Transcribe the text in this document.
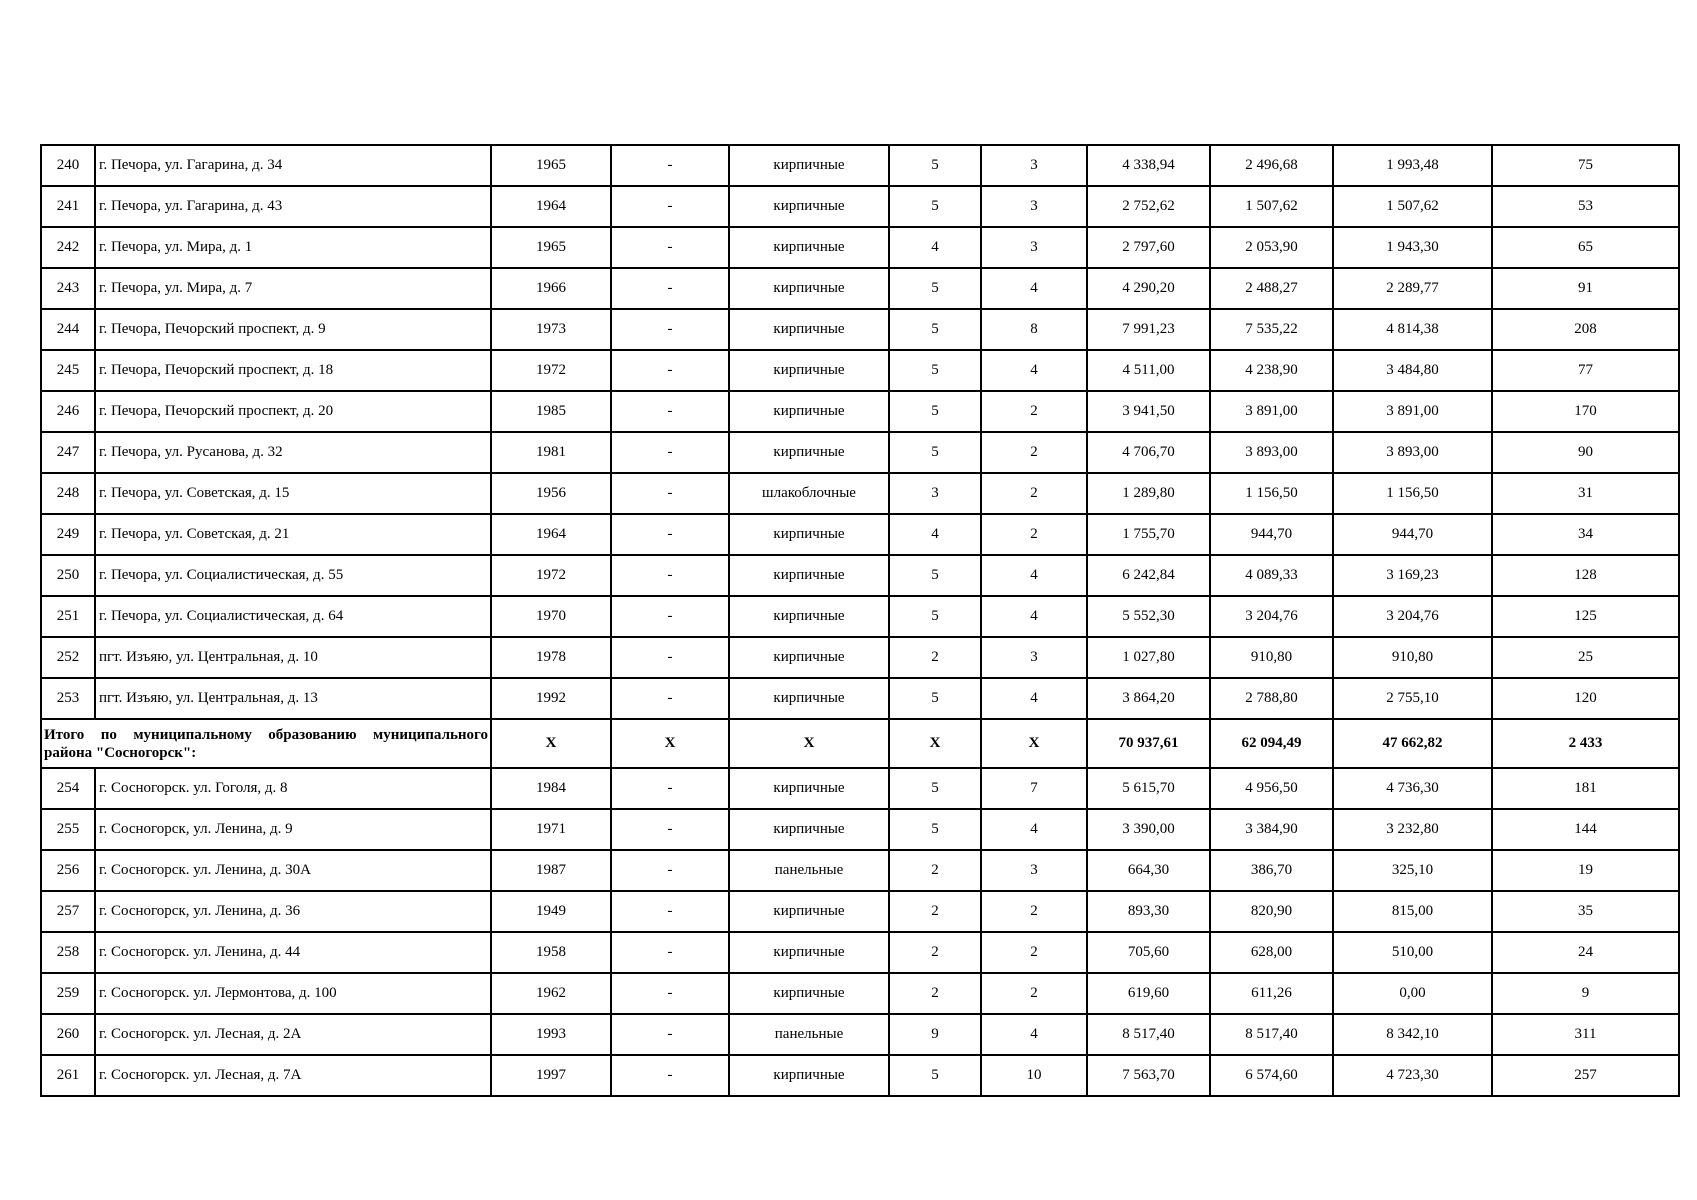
240	г. Печора, ул. Гагарина, д. 34	1965	-	кирпичные	5	3	4 338,94	2 496,68	1 993,48	75
241	г. Печора, ул. Гагарина, д. 43	1964	-	кирпичные	5	3	2 752,62	1 507,62	1 507,62	53
242	г. Печора, ул. Мира, д. 1	1965	-	кирпичные	4	3	2 797,60	2 053,90	1 943,30	65
243	г. Печора, ул. Мира, д. 7	1966	-	кирпичные	5	4	4 290,20	2 488,27	2 289,77	91
244	г. Печора, Печорский проспект, д. 9	1973	-	кирпичные	5	8	7 991,23	7 535,22	4 814,38	208
245	г. Печора, Печорский проспект, д. 18	1972	-	кирпичные	5	4	4 511,00	4 238,90	3 484,80	77
246	г. Печора, Печорский проспект, д. 20	1985	-	кирпичные	5	2	3 941,50	3 891,00	3 891,00	170
247	г. Печора, ул. Русанова, д. 32	1981	-	кирпичные	5	2	4 706,70	3 893,00	3 893,00	90
248	г. Печора, ул. Советская, д. 15	1956	-	шлакоблочные	3	2	1 289,80	1 156,50	1 156,50	31
249	г. Печора, ул. Советская, д. 21	1964	-	кирпичные	4	2	1 755,70	944,70	944,70	34
250	г. Печора, ул. Социалистическая, д. 55	1972	-	кирпичные	5	4	6 242,84	4 089,33	3 169,23	128
251	г. Печора, ул. Социалистическая, д. 64	1970	-	кирпичные	5	4	5 552,30	3 204,76	3 204,76	125
252	пгт. Изъяю, ул. Центральная, д. 10	1978	-	кирпичные	2	3	1 027,80	910,80	910,80	25
253	пгт. Изъяю, ул. Центральная, д. 13	1992	-	кирпичные	5	4	3 864,20	2 788,80	2 755,10	120
Итого по муниципальному образованию муниципального района "Сосногорск":		X	X	X	X	X	70 937,61	62 094,49	47 662,82	2 433
254	г. Сосногорск. ул. Гоголя, д. 8	1984	-	кирпичные	5	7	5 615,70	4 956,50	4 736,30	181
255	г. Сосногорск, ул. Ленина, д. 9	1971	-	кирпичные	5	4	3 390,00	3 384,90	3 232,80	144
256	г. Сосногорск. ул. Ленина, д. 30А	1987	-	панельные	2	3	664,30	386,70	325,10	19
257	г. Сосногорск, ул. Ленина, д. 36	1949	-	кирпичные	2	2	893,30	820,90	815,00	35
258	г. Сосногорск. ул. Ленина, д. 44	1958	-	кирпичные	2	2	705,60	628,00	510,00	24
259	г. Сосногорск. ул. Лермонтова, д. 100	1962	-	кирпичные	2	2	619,60	611,26	0,00	9
260	г. Сосногорск. ул. Лесная, д. 2А	1993	-	панельные	9	4	8 517,40	8 517,40	8 342,10	311
261	г. Сосногорск. ул. Лесная, д. 7А	1997	-	кирпичные	5	10	7 563,70	6 574,60	4 723,30	257
